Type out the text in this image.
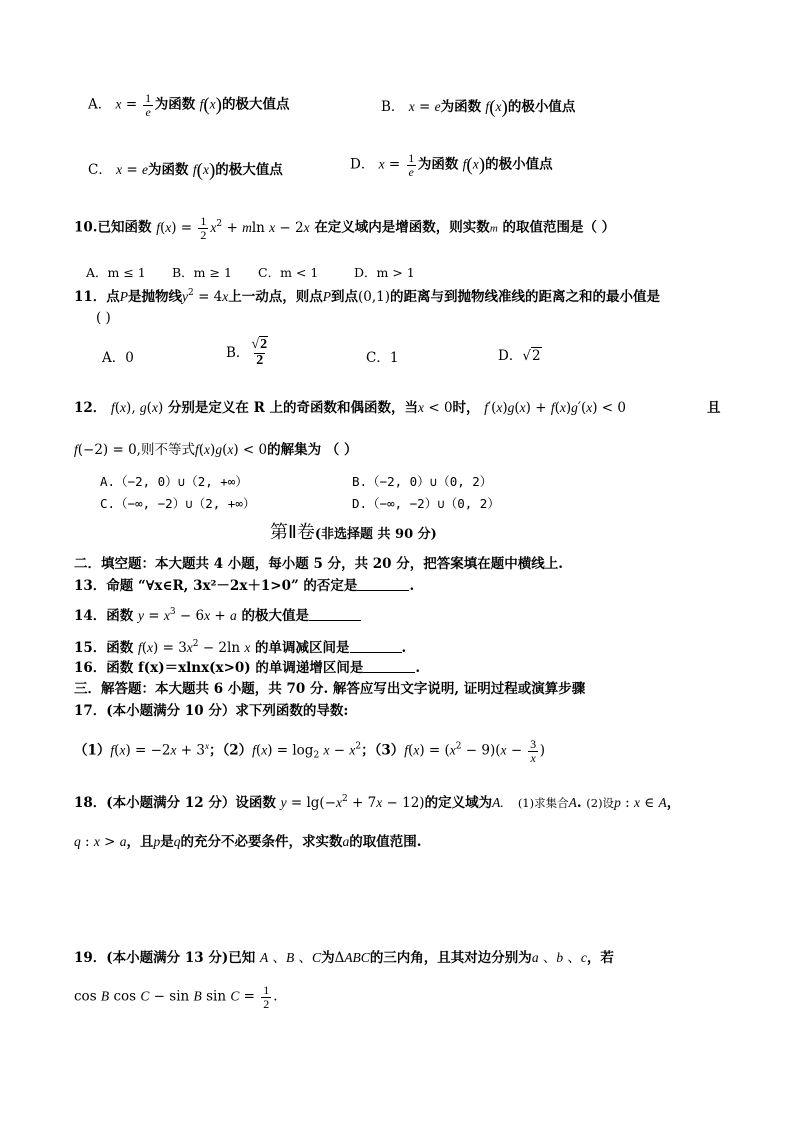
A． $x = \frac{1}{e}$ 为函数 f(x)的极大值点	B． x = e为函数 f(x)的极小值点
C． x = e为函数 f(x)的极大值点	D． $x = \frac{1}{e}$ 为函数 f(x)的极小值点
10.已知函数 $f(x) = \frac{1}{2} x^2 + mln$ x − 2x 在定义域内是增函数，则实数m 的取值范围是（ ）
A．m ≤ 1 B．m ≥ 1 C．m < 1	D．m > 1
11．点P是抛物线$y^2 = 4x$上一动点，则点P到点(0,1)的距离与到抛物线准线的距离之和的最小值是
( )
A．0	B． $\frac{√2}{2}$	C．1	D．√2
12． f(x), g(x) 分别是定义在 R 上的奇函数和偶函数，当x < 0时， f′(x)g(x) + f(x)g′(x) < 0	且
f(−2) = 0,则不等式f(x)g(x) < 0的解集为 （ ）
A.（−2, 0）∪（2, +∞）	B.（−2, 0）∪（0, 2）
C.（−∞, −2）∪（2, +∞）	D.（−∞, −2）∪（0, 2）
第Ⅱ卷(非选择题 共 90 分)
二．填空题：本大题共 4 小题，每小题 5 分，共 20 分，把答案填在题中横线上.
13．命题 “∀x∈R, 3x²－2x＋1>0” 的否定是	.
14．函数 $y = x^3 - 6x + a$ 的极大值是
15．函数 $f(x) = 3x^2 - 2\ln$ x 的单调减区间是	.
16．函数 f(x)＝xlnx(x>0) 的单调递增区间是	.
三．解答题：本大题共 6 小题，共 70 分. 解答应写出文字说明, 证明过程或演算步骤
17．(本小题满分 10 分）求下列函数的导数:
$(1)f(x) = -2x + 3^x$；$(2)f(x) = \log_2 x - x^2$；$(3)f(x) = (x^2 - 9)(x - \frac{3}{x}$ )
18．(本小题满分 12 分）设函数 $y = \lg(-x^2 + 7x - 12)$的定义域为A. (1)求集合A. (2)设p : x ∈ A，
q : x > a，且p是q的充分不必要条件，求实数a的取值范围.
19．(本小题满分 13 分)已知 A 、B 、C为ΔABC的三内角，且其对边分别为a 、b 、c，若
cos B cos C − sin B $\sin C = \frac{1}{2}$ .
